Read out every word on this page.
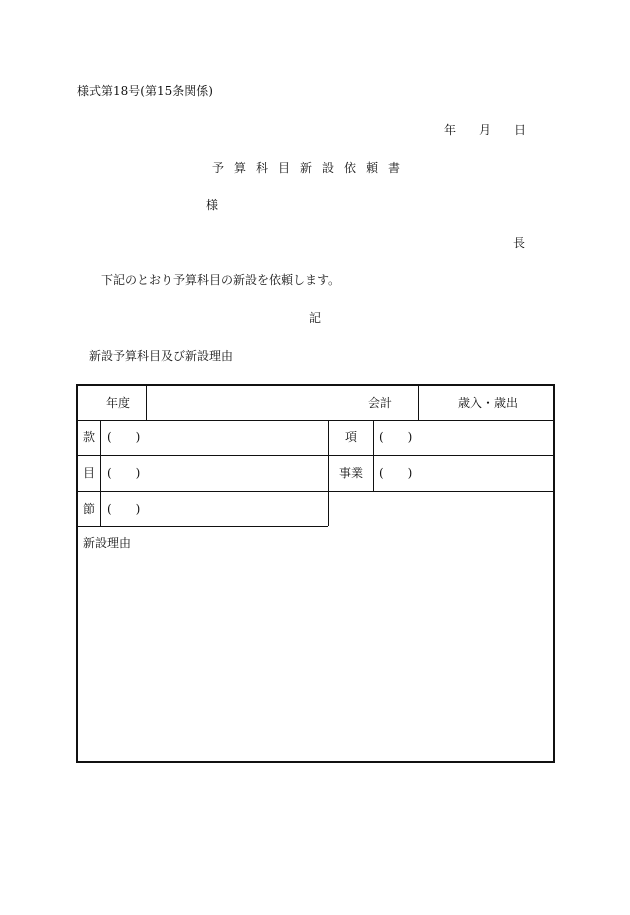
様式第18号(第15条関係)
年 月 日
予算科目新設依頼書
様
長
下記のとおり予算科目の新設を依頼します。
記
新設予算科目及び新設理由
年度	会計	歳入・歳出
款 (　　)	項 (　　)
目 (　　)	事業 (　　)
節 (　　)
新設理由
